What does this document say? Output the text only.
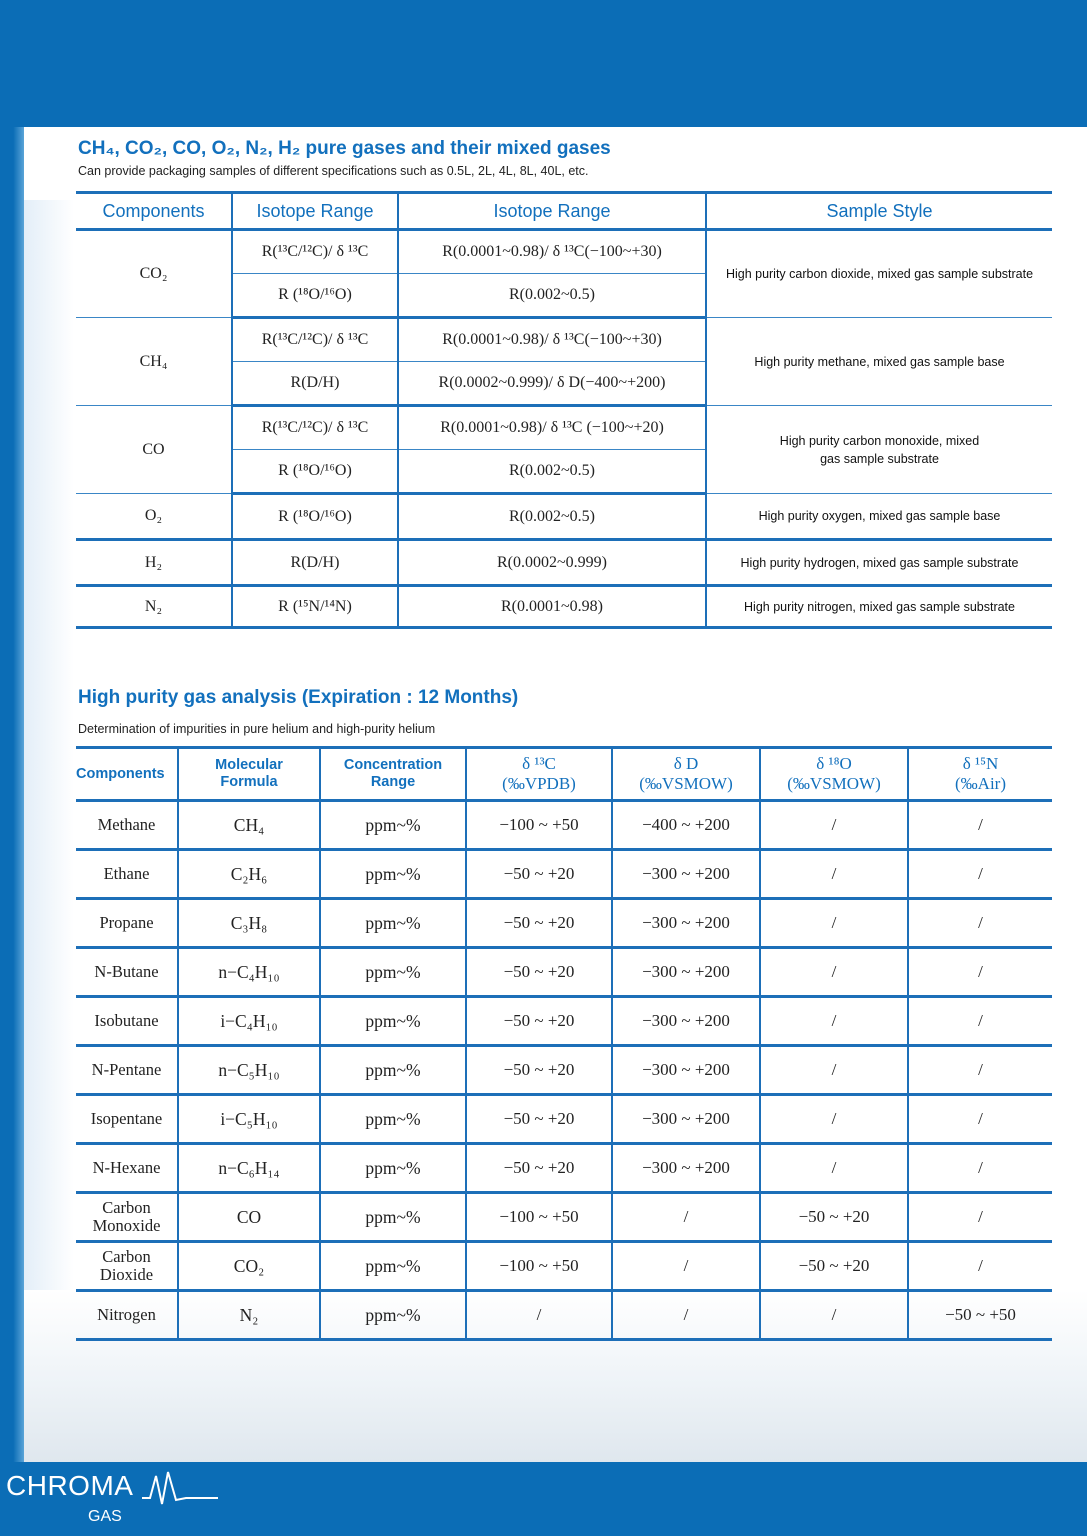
CH₄, CO₂, CO, O₂, N₂, H₂ pure gases and their mixed gases
Can provide packaging samples of different specifications such as 0.5L, 2L, 4L, 8L, 40L, etc.
Components	Isotope Range	Isotope Range	Sample Style
CO₂	R(¹³C/¹²C)/ δ ¹³C	R(0.0001~0.98)/ δ ¹³C(−100~+30)	High purity carbon dioxide, mixed gas sample substrate
	R (¹⁸O/¹⁶O)	R(0.002~0.5)	
CH₄	R(¹³C/¹²C)/ δ ¹³C	R(0.0001~0.98)/ δ ¹³C(−100~+30)	High purity methane, mixed gas sample base
	R(D/H)	R(0.0002~0.999)/ δ D(−400~+200)	
CO	R(¹³C/¹²C)/ δ ¹³C	R(0.0001~0.98)/ δ ¹³C (−100~+20)	High purity carbon monoxide, mixed gas sample substrate
	R (¹⁸O/¹⁶O)	R(0.002~0.5)	
O₂	R (¹⁸O/¹⁶O)	R(0.002~0.5)	High purity oxygen, mixed gas sample base
H₂	R(D/H)	R(0.0002~0.999)	High purity hydrogen, mixed gas sample substrate
N₂	R (¹⁵N/¹⁴N)	R(0.0001~0.98)	High purity nitrogen, mixed gas sample substrate
High purity gas analysis (Expiration : 12 Months)
Determination of impurities in pure helium and high-purity helium
Components	Molecular Formula	Concentration Range	δ ¹³C (‰VPDB)	δ D (‰VSMOW)	δ ¹⁸O (‰VSMOW)	δ ¹⁵N (‰Air)

Methane	CH₄	ppm~%	−100 ~ +50	−400 ~ +200	/	/
Ethane	C₂H₆	ppm~%	−50 ~ +20	−300 ~ +200	/	/
Propane	C₃H₈	ppm~%	−50 ~ +20	−300 ~ +200	/	/
N-Butane	n−C₄H₁₀	ppm~%	−50 ~ +20	−300 ~ +200	/	/
Isobutane	i−C₄H₁₀	ppm~%	−50 ~ +20	−300 ~ +200	/	/
N-Pentane	n−C₅H₁₀	ppm~%	−50 ~ +20	−300 ~ +200	/	/
Isopentane	i−C₅H₁₀	ppm~%	−50 ~ +20	−300 ~ +200	/	/
N-Hexane	n−C₆H₁₄	ppm~%	−50 ~ +20	−300 ~ +200	/	/
Carbon Monoxide	CO	ppm~%	−100 ~ +50	/	−50 ~ +20	/
Carbon Dioxide	CO₂	ppm~%	−100 ~ +50	/	−50 ~ +20	/
Nitrogen	N₂	ppm~%	/	/	/	−50 ~ +50
CHROMA
GAS
